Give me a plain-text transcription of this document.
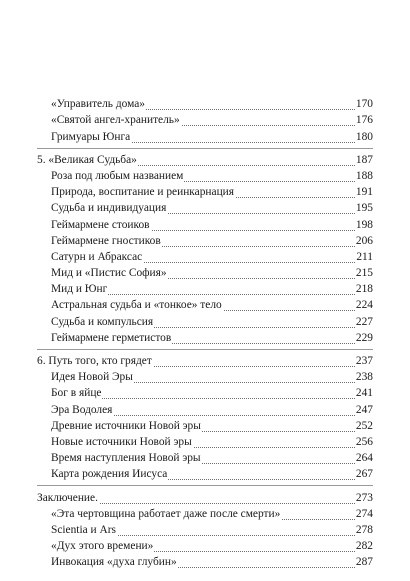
«Управитель дома»	170
«Святой ангел-хранитель»	176
Гримуары Юнга	180
5. «Великая Судьба»	187
Роза под любым названием	188
Природа, воспитание и реинкарнация	191
Судьба и индивидуация	195
Геймармене стоиков	198
Геймармене гностиков	206
Сатурн и Абраксас	211
Мид и «Пистис София»	215
Мид и Юнг	218
Астральная судьба и «тонкое» тело	224
Судьба и компульсия	227
Геймармене герметистов	229
6. Путь того, кто грядет	237
Идея Новой Эры	238
Бог в яйце	241
Эра Водолея	247
Древние источники Новой эры	252
Новые источники Новой эры	256
Время наступления Новой эры	264
Карта рождения Иисуса	267
Заключение.	273
«Эта чертовщина работает даже после смерти»	274
Scientia и Ars	278
«Дух этого времени»	282
Инвокация «духа глубин»	287
